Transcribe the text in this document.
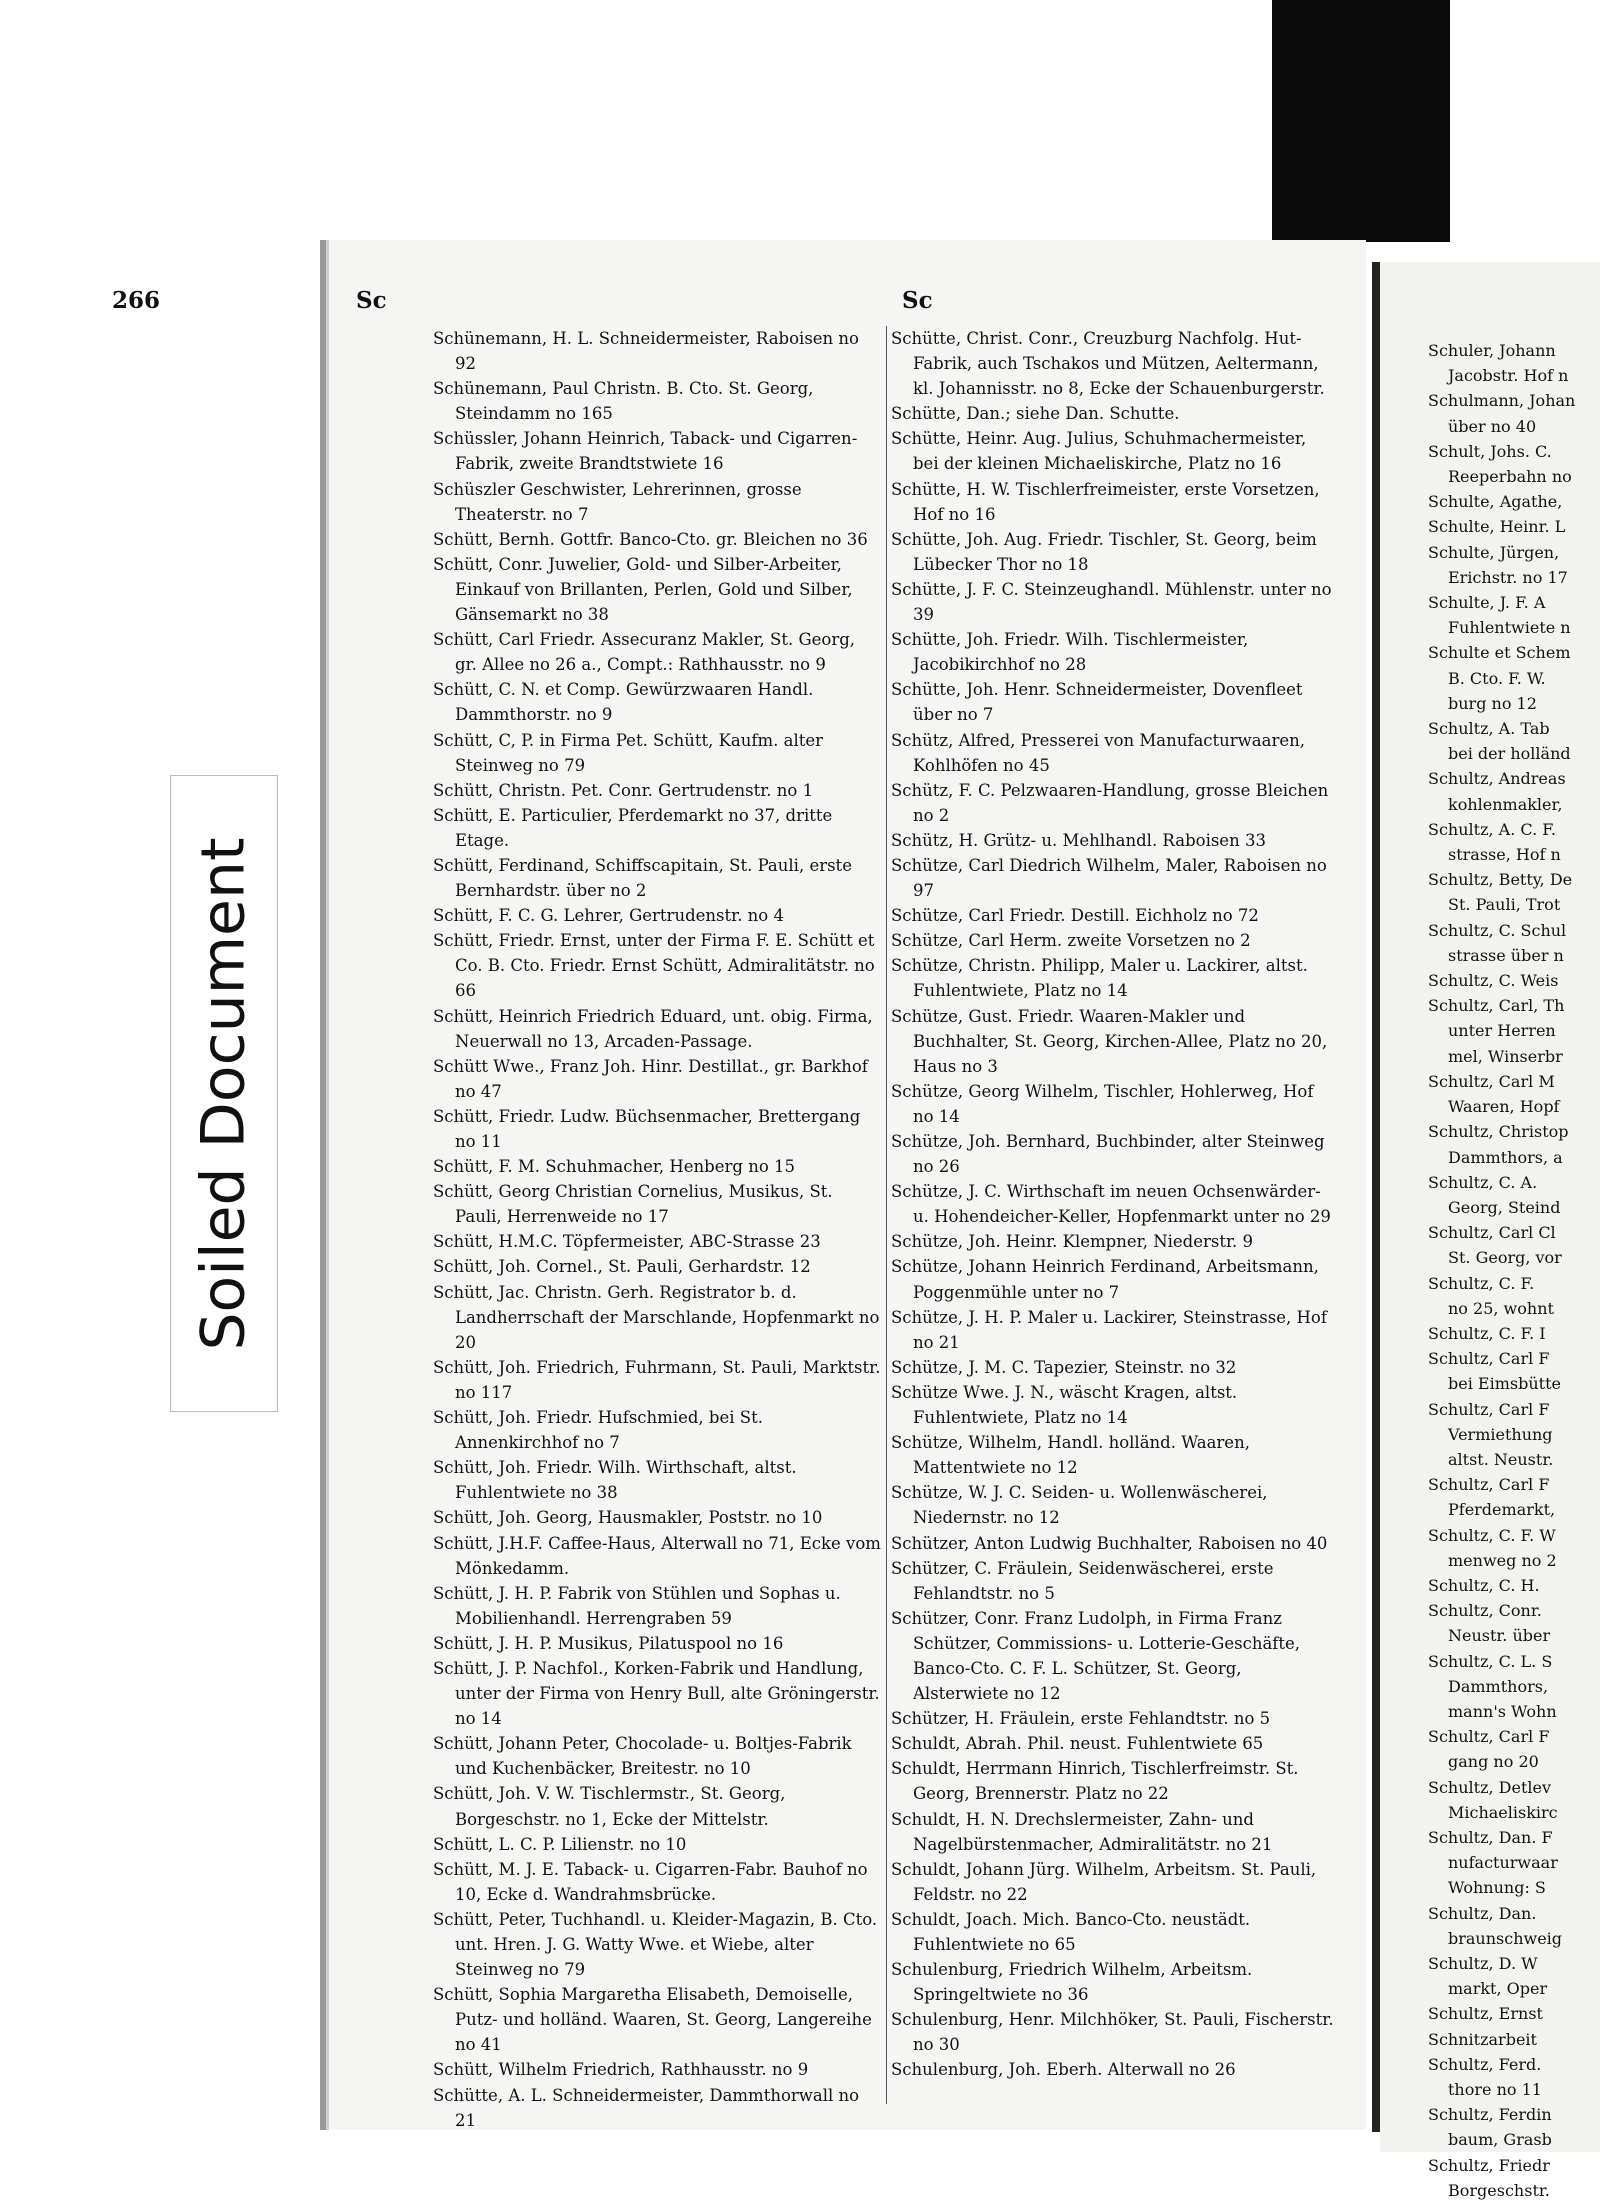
Soiled Document
266	Sc	Sc

Schünemann, H. L. Schneidermeister, Raboisen no 92

Schünemann, Paul Christn. B. Cto. St. Georg, Steindamm no 165

Schüssler, Johann Heinrich, Taback- und Cigarren-Fabrik, zweite Brandtstwiete 16

Schüszler Geschwister, Lehrerinnen, grosse Theaterstr. no 7

Schütt, Bernh. Gottfr. Banco-Cto. gr. Bleichen no 36

Schütt, Conr. Juwelier, Gold- und Silber-Arbeiter, Einkauf von Brillanten, Perlen, Gold und Silber, Gänsemarkt no 38

Schütt, Carl Friedr. Assecuranz Makler, St. Georg, gr. Allee no 26 a., Compt.: Rathhausstr. no 9

Schütt, C. N. et Comp. Gewürzwaaren Handl. Dammthorstr. no 9

Schütt, C, P. in Firma Pet. Schütt, Kaufm. alter Steinweg no 79

Schütt, Christn. Pet. Conr. Gertrudenstr. no 1

Schütt, E. Particulier, Pferdemarkt no 37, dritte Etage.

Schütt, Ferdinand, Schiffscapitain, St. Pauli, erste Bernhardstr. über no 2

Schütt, F. C. G. Lehrer, Gertrudenstr. no 4

Schütt, Friedr. Ernst, unter der Firma F. E. Schütt et Co. B. Cto. Friedr. Ernst Schütt, Admiralitätstr. no 66

Schütt, Heinrich Friedrich Eduard, unt. obig. Firma, Neuerwall no 13, Arcaden-Passage.

Schütt Wwe., Franz Joh. Hinr. Destillat., gr. Barkhof no 47

Schütt, Friedr. Ludw. Büchsenmacher, Brettergang no 11

Schütt, F. M. Schuhmacher, Henberg no 15

Schütt, Georg Christian Cornelius, Musikus, St. Pauli, Herrenweide no 17

Schütt, H.M.C. Töpfermeister, ABC-Strasse 23

Schütt, Joh. Cornel., St. Pauli, Gerhardstr. 12

Schütt, Jac. Christn. Gerh. Registrator b. d. Landherrschaft der Marschlande, Hopfenmarkt no 20

Schütt, Joh. Friedrich, Fuhrmann, St. Pauli, Marktstr. no 117

Schütt, Joh. Friedr. Hufschmied, bei St. Annenkirchhof no 7

Schütt, Joh. Friedr. Wilh. Wirthschaft, altst. Fuhlentwiete no 38

Schütt, Joh. Georg, Hausmakler, Poststr. no 10

Schütt, J.H.F. Caffee-Haus, Alterwall no 71, Ecke vom Mönkedamm.

Schütt, J. H. P. Fabrik von Stühlen und Sophas u. Mobilienhandl. Herrengraben 59

Schütt, J. H. P. Musikus, Pilatuspool no 16

Schütt, J. P. Nachfol., Korken-Fabrik und Handlung, unter der Firma von Henry Bull, alte Gröningerstr. no 14

Schütt, Johann Peter, Chocolade- u. Boltjes-Fabrik und Kuchenbäcker, Breitestr. no 10

Schütt, Joh. V. W. Tischlermstr., St. Georg, Borgeschstr. no 1, Ecke der Mittelstr.

Schütt, L. C. P. Lilienstr. no 10

Schütt, M. J. E. Taback- u. Cigarren-Fabr. Bauhof no 10, Ecke d. Wandrahmsbrücke.

Schütt, Peter, Tuchhandl. u. Kleider-Magazin, B. Cto. unt. Hren. J. G. Watty Wwe. et Wiebe, alter Steinweg no 79

Schütt, Sophia Margaretha Elisabeth, Demoiselle, Putz- und holländ. Waaren, St. Georg, Langereihe no 41

Schütt, Wilhelm Friedrich, Rathhausstr. no 9

Schütte, A. L. Schneidermeister, Dammthorwall no 21

Schütte, Christ. Conr., Creuzburg Nachfolg. Hut-Fabrik, auch Tschakos und Mützen, Aeltermann, kl. Johannisstr. no 8, Ecke der Schauenburgerstr.

Schütte, Dan.; siehe Dan. Schutte.

Schütte, Heinr. Aug. Julius, Schuhmachermeister, bei der kleinen Michaeliskirche, Platz no 16

Schütte, H. W. Tischlerfreimeister, erste Vorsetzen, Hof no 16

Schütte, Joh. Aug. Friedr. Tischler, St. Georg, beim Lübecker Thor no 18

Schütte, J. F. C. Steinzeughandl. Mühlenstr. unter no 39

Schütte, Joh. Friedr. Wilh. Tischlermeister, Jacobikirchhof no 28

Schütte, Joh. Henr. Schneidermeister, Dovenfleet über no 7

Schütz, Alfred, Presserei von Manufacturwaaren, Kohlhöfen no 45

Schütz, F. C. Pelzwaaren-Handlung, grosse Bleichen no 2

Schütz, H. Grütz- u. Mehlhandl. Raboisen 33

Schütze, Carl Diedrich Wilhelm, Maler, Raboisen no 97

Schütze, Carl Friedr. Destill. Eichholz no 72

Schütze, Carl Herm. zweite Vorsetzen no 2

Schütze, Christn. Philipp, Maler u. Lackirer, altst. Fuhlentwiete, Platz no 14

Schütze, Gust. Friedr. Waaren-Makler und Buchhalter, St. Georg, Kirchen-Allee, Platz no 20, Haus no 3

Schütze, Georg Wilhelm, Tischler, Hohlerweg, Hof no 14

Schütze, Joh. Bernhard, Buchbinder, alter Steinweg no 26

Schütze, J. C. Wirthschaft im neuen Ochsenwärder- u. Hohendeicher-Keller, Hopfenmarkt unter no 29

Schütze, Joh. Heinr. Klempner, Niederstr. 9

Schütze, Johann Heinrich Ferdinand, Arbeitsmann, Poggenmühle unter no 7

Schütze, J. H. P. Maler u. Lackirer, Steinstrasse, Hof no 21

Schütze, J. M. C. Tapezier, Steinstr. no 32

Schütze Wwe. J. N., wäscht Kragen, altst. Fuhlentwiete, Platz no 14

Schütze, Wilhelm, Handl. holländ. Waaren, Mattentwiete no 12

Schütze, W. J. C. Seiden- u. Wollenwäscherei, Niedernstr. no 12

Schützer, Anton Ludwig Buchhalter, Raboisen no 40

Schützer, C. Fräulein, Seidenwäscherei, erste Fehlandtstr. no 5

Schützer, Conr. Franz Ludolph, in Firma Franz Schützer, Commissions- u. Lotterie-Geschäfte, Banco-Cto. C. F. L. Schützer, St. Georg, Alsterwiete no 12

Schützer, H. Fräulein, erste Fehlandtstr. no 5

Schuldt, Abrah. Phil. neust. Fuhlentwiete 65

Schuldt, Herrmann Hinrich, Tischlerfreimstr. St. Georg, Brennerstr. Platz no 22

Schuldt, H. N. Drechslermeister, Zahn- und Nagelbürstenmacher, Admiralitätstr. no 21

Schuldt, Johann Jürg. Wilhelm, Arbeitsm. St. Pauli, Feldstr. no 22

Schuldt, Joach. Mich. Banco-Cto. neustädt. Fuhlentwiete no 65

Schulenburg, Friedrich Wilhelm, Arbeitsm. Springeltwiete no 36

Schulenburg, Henr. Milchhöker, St. Pauli, Fischerstr. no 30

Schulenburg, Joh. Eberh. Alterwall no 26

Schuler, Johann
Jacobstr. Hof n
Schulmann, Johan
über no 40
Schult, Johs. C.
Reeperbahn no
Schulte, Agathe,
Schulte, Heinr. L
Schulte, Jürgen,
Erichstr. no 17
Schulte, J. F. A
Fuhlentwiete n
Schulte et Schem
B. Cto. F. W.
burg no 12
Schultz, A. Tab
bei der holländ
Schultz, Andreas
kohlenmakler,
Schultz, A. C. F.
strasse, Hof n
Schultz, Betty, De
St. Pauli, Trot
Schultz, C. Schul
strasse über n
Schultz, C. Weis
Schultz, Carl, Th
unter Herren
mel, Winserbr
Schultz, Carl M
Waaren, Hopf
Schultz, Christop
Dammthors, a
Schultz, C. A.
Georg, Steind
Schultz, Carl Cl
St. Georg, vor
Schultz, C. F.
no 25, wohnt
Schultz, C. F. I
Schultz, Carl F
bei Eimsbütte
Schultz, Carl F
Vermiethung
altst. Neustr.
Schultz, Carl F
Pferdemarkt,
Schultz, C. F. W
menweg no 2
Schultz, C. H.
Schultz, Conr.
Neustr. über
Schultz, C. L. S
Dammthors,
mann's Wohn
Schultz, Carl F
gang no 20
Schultz, Detlev
Michaeliskirc
Schultz, Dan. F
nufacturwaar
Wohnung: S
Schultz, Dan.
braunschweig
Schultz, D. W
markt, Oper
Schultz, Ernst
Schnitzarbeit
Schultz, Ferd.
thore no 11
Schultz, Ferdin
baum, Grasb
Schultz, Friedr
Borgeschstr.
